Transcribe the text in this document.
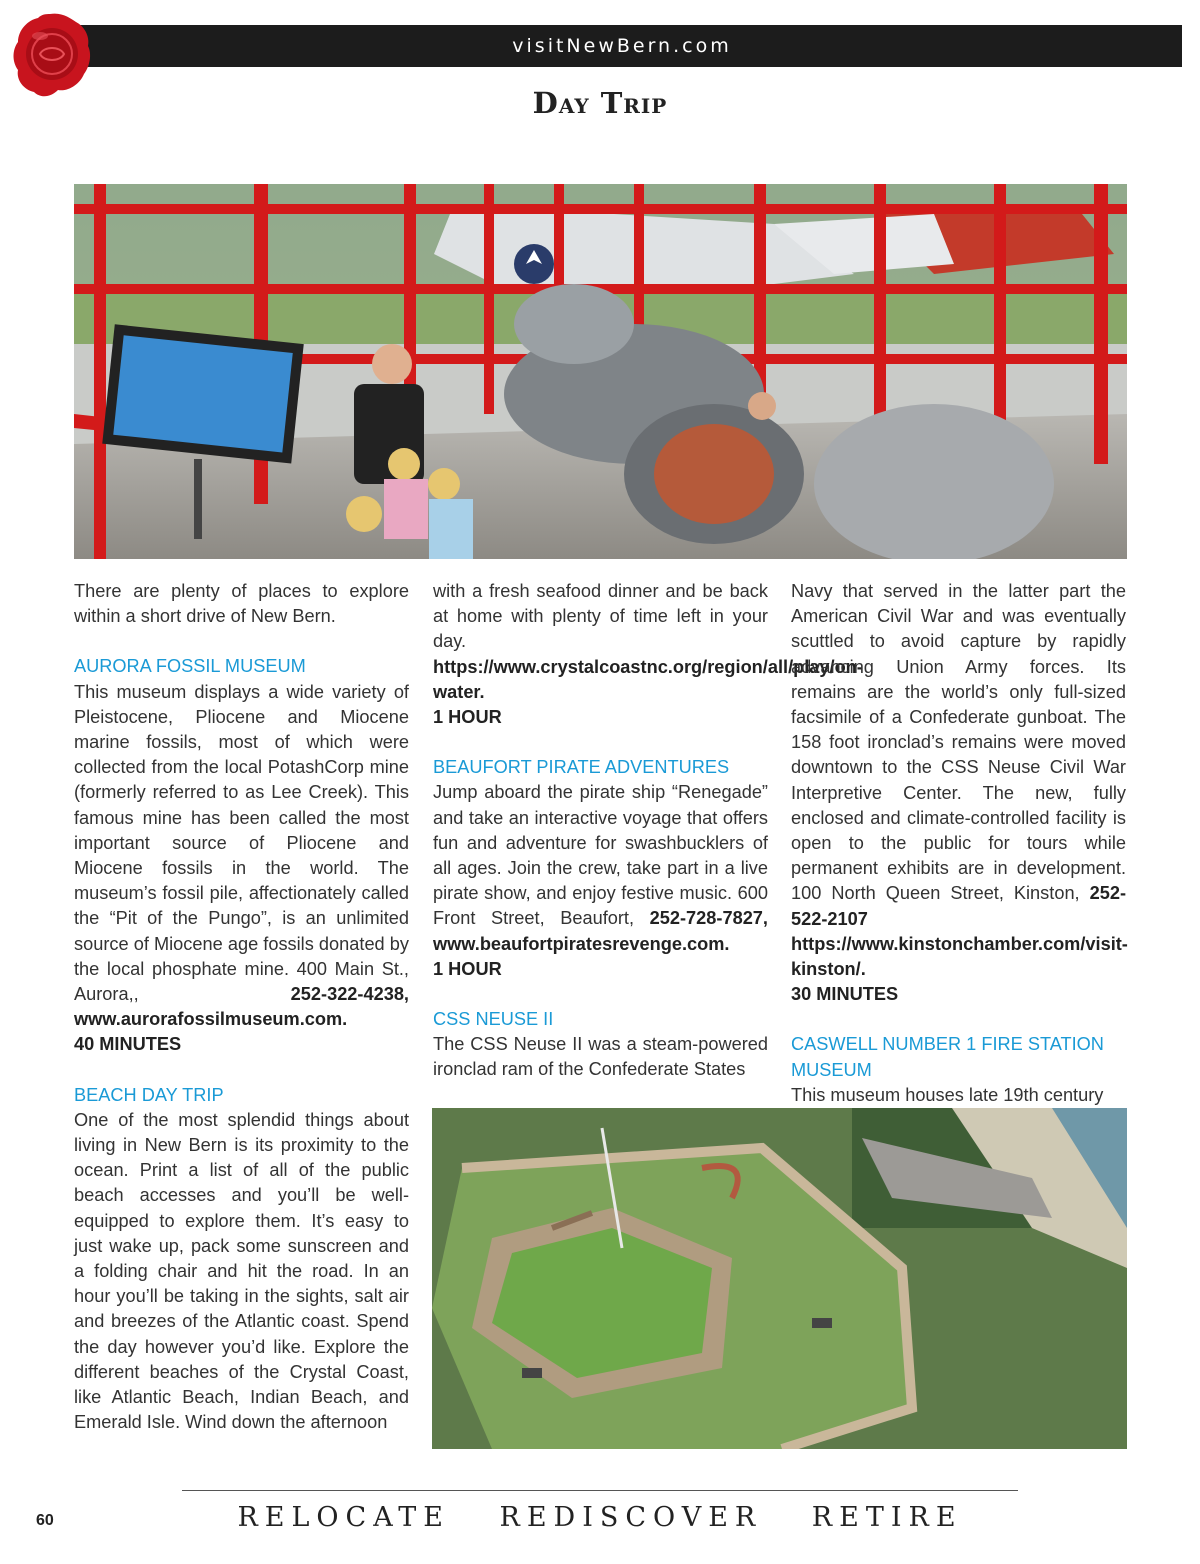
visitNewBern.com
Day Trip

There are plenty of places to explore within a short drive of New Bern.

AURORA FOSSIL MUSEUM

This museum displays a wide variety of Pleistocene, Pliocene and Miocene marine fossils, most of which were collected from the local PotashCorp mine (formerly referred to as Lee Creek). This famous mine has been called the most important source of Pliocene and Miocene fossils in the world. The museum’s fossil pile, affectionately called the “Pit of the Pungo”, is an unlimited source of Miocene age fossils donated by the local phosphate mine. 400 Main St., Aurora,,	252-322-4238, www.aurorafossilmuseum.com.

40 MINUTES
BEACH DAY TRIP

One of the most splendid things about living in New Bern is its proximity to the ocean. Print a list of all of the public beach accesses and you’ll be well-equipped to explore them. It’s easy to just wake up, pack some sunscreen and a folding chair and hit the road. In an hour you’ll be taking in the sights, salt air and breezes of the Atlantic coast. Spend the day however you’d like. Explore the different beaches of the Crystal Coast, like Atlantic Beach, Indian Beach, and Emerald Isle. Wind down the afternoon

with a fresh seafood dinner and be back at home with plenty of time left in your day. https://www.crystalcoastnc.org/region/all/play/on-water.

1 HOUR
BEAUFORT PIRATE ADVENTURES

Jump aboard the pirate ship “Renegade” and take an interactive voyage that offers fun and adventure for swashbucklers of all ages. Join the crew, take part in a live pirate show, and enjoy festive music. 600 Front Street, Beaufort, 252-728-7827, www.beaufortpiratesrevenge.com.

1 HOUR
CSS NEUSE II

The CSS Neuse II was a steam-powered ironclad ram of the Confederate States

Navy that served in the latter part the American Civil War and was eventually scuttled to avoid capture by rapidly advancing Union Army forces. Its remains are the world’s only full-sized facsimile of a Confederate gunboat. The 158 foot ironclad’s remains were moved downtown to the CSS Neuse Civil War Interpretive Center. The new, fully enclosed and climate-controlled facility is open to the public for tours while permanent exhibits are in development. 100 North Queen Street, Kinston, 252-522-2107 https://www.kinstonchamber.com/visit-kinston/.

30 MINUTES
CASWELL NUMBER 1 FIRE STATION MUSEUM

This museum houses late 19th century

RELOCATE REDISCOVER RETIRE
60
